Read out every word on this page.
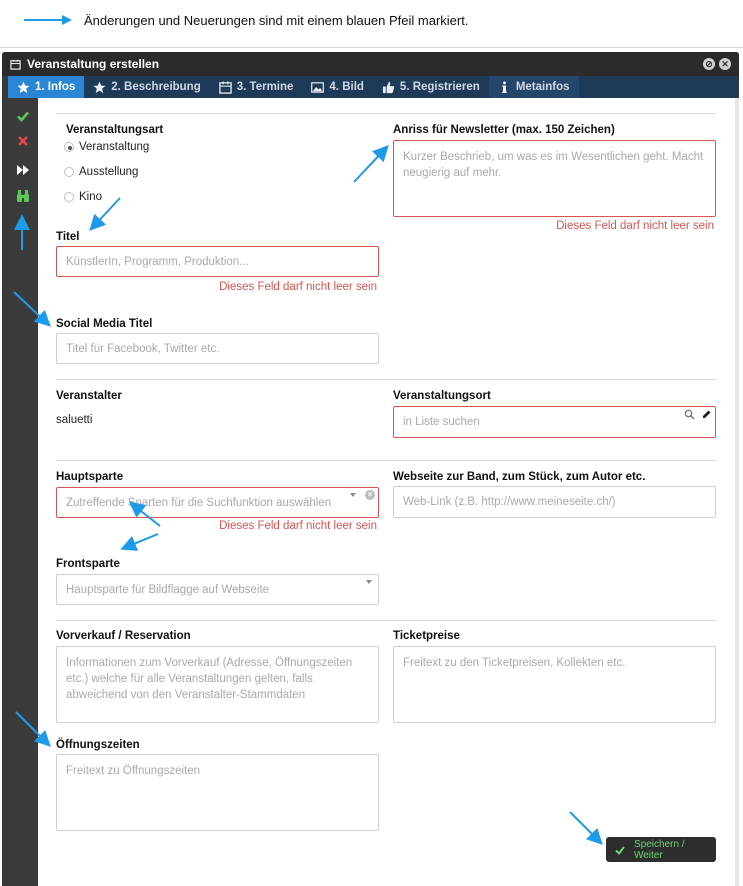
Änderungen und Neuerungen sind mit einem blauen Pfeil markiert.
Veranstaltung erstellen	⊘ ✕
1. Infos	2. Beschreibung	3. Termine	4. Bild	5. Registrieren	Metainfos
Veranstaltungsart
Veranstaltung
Ausstellung
Kino
Anriss für Newsletter (max. 150 Zeichen)
Kurzer Beschrieb, um was es im Wesentlichen geht. Macht neugierig auf mehr.
Dieses Feld darf nicht leer sein
Titel
KünstlerIn, Programm, Produktion...
Dieses Feld darf nicht leer sein
Social Media Titel
Titel für Facebook, Twitter etc.
Veranstalter
saluetti
Veranstaltungsort
in Liste suchen
Hauptsparte
Zutreffende Sparten für die Suchfunktion auswählen
×
Dieses Feld darf nicht leer sein
Webseite zur Band, zum Stück, zum Autor etc.
Web-Link (z.B. http://www.meineseite.ch/)
Frontsparte
Hauptsparte für Bildflagge auf Webseite
Vorverkauf / Reservation
Informationen zum Vorverkauf (Adresse, Öffnungszeiten etc.) welche für alle Veranstaltungen gelten, falls abweichend von den Veranstalter-Stammdaten
Ticketpreise
Freitext zu den Ticketpreisen, Kollekten etc.
Öffnungszeiten
Freitext zu Öffnungszeiten
Speichern / Weiter
